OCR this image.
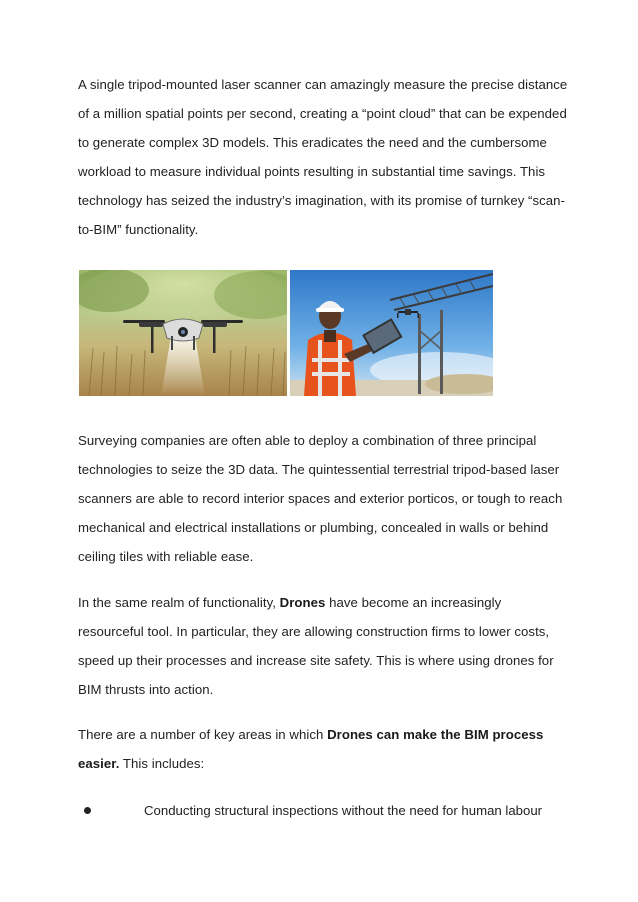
A single tripod-mounted laser scanner can amazingly measure the precise distance of a million spatial points per second, creating a “point cloud” that can be expended to generate complex 3D models. This eradicates the need and the cumbersome workload to measure individual points resulting in substantial time savings. This technology has seized the industry’s imagination, with its promise of turnkey “scan-to-BIM” functionality.

Surveying companies are often able to deploy a combination of three principal technologies to seize the 3D data. The quintessential terrestrial tripod-based laser scanners are able to record interior spaces and exterior porticos, or tough to reach mechanical and electrical installations or plumbing, concealed in walls or behind ceiling tiles with reliable ease.

In the same realm of functionality, Drones have become an increasingly resourceful tool. In particular, they are allowing construction firms to lower costs, speed up their processes and increase site safety. This is where using drones for BIM thrusts into action.

There are a number of key areas in which Drones can make the BIM process easier. This includes:

Conducting structural inspections without the need for human labour
